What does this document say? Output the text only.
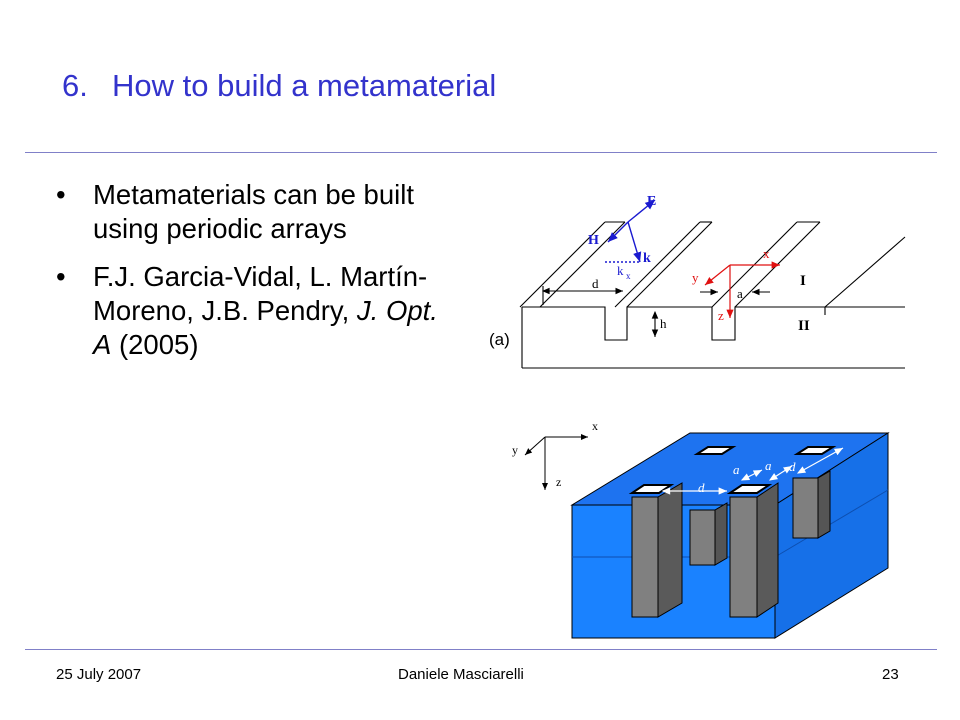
6. How to build a metamaterial
• Metamaterials can be built using periodic arrays
• F.J. Garcia-Vidal, L. Martín-Moreno, J.B. Pendry, J. Opt. A (2005)
E
H
k
k x
x
y
z
d
a
h
I
II
(a)
x
y
z	d
a a d
25 July 2007	Daniele Masciarelli	23
